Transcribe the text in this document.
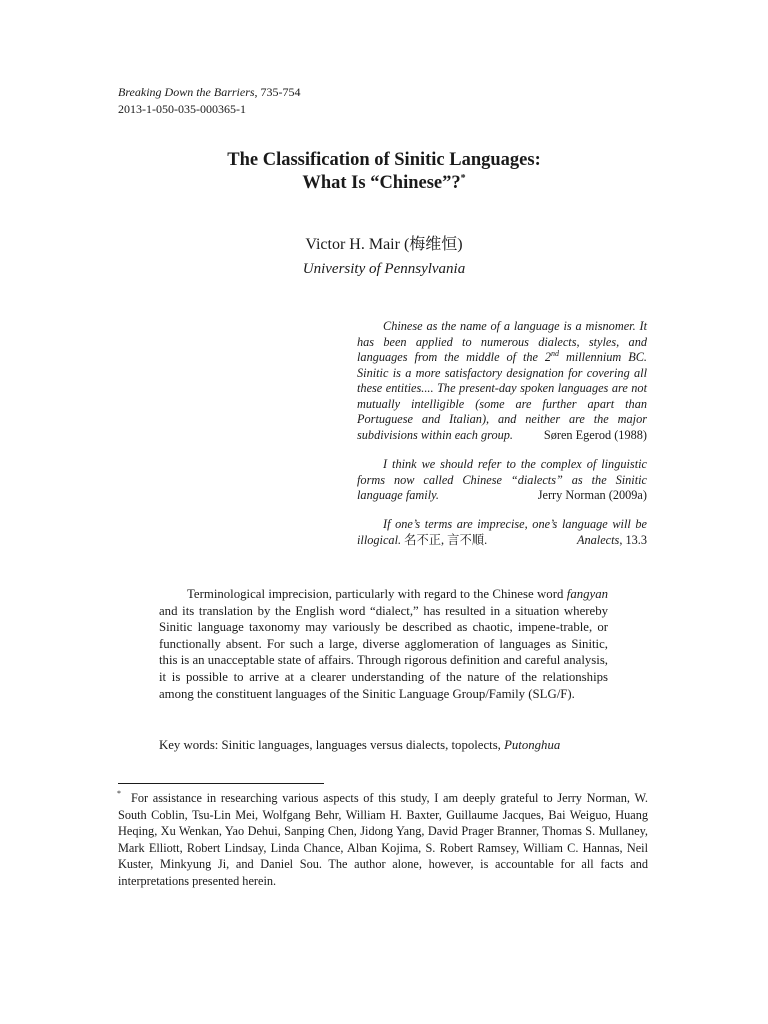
Breaking Down the Barriers, 735-754
2013-1-050-035-000365-1
The Classification of Sinitic Languages:
What Is “Chinese”?*
Victor H. Mair (梅维恒)
University of Pennsylvania
Chinese as the name of a language is a misnomer. It has been applied to numerous dialects, styles, and languages from the middle of the 2nd millennium BC. Sinitic is a more satisfactory designation for covering all these entities.... The present-day spoken languages are not mutually intelligible (some are further apart than Portuguese and Italian), and neither are the major subdivisions within each group.	Søren Egerod (1988)
I think we should refer to the complex of linguistic forms now called Chinese “dialects” as the Sinitic language family.	Jerry Norman (2009a)
If one’s terms are imprecise, one’s language will be illogical. 名不正, 言不順.	Analects, 13.3
Terminological imprecision, particularly with regard to the Chinese word fangyan and its translation by the English word “dialect,” has resulted in a situation whereby Sinitic language taxonomy may variously be described as chaotic, impene-trable, or functionally absent. For such a large, diverse agglomeration of languages as Sinitic, this is an unacceptable state of affairs. Through rigorous definition and careful analysis, it is possible to arrive at a clearer understanding of the nature of the relationships among the constituent languages of the Sinitic Language Group/Family (SLG/F).
Key words: Sinitic languages, languages versus dialects, topolects, Putonghua
* For assistance in researching various aspects of this study, I am deeply grateful to Jerry Norman, W. South Coblin, Tsu-Lin Mei, Wolfgang Behr, William H. Baxter, Guillaume Jacques, Bai Weiguo, Huang Heqing, Xu Wenkan, Yao Dehui, Sanping Chen, Jidong Yang, David Prager Branner, Thomas S. Mullaney, Mark Elliott, Robert Lindsay, Linda Chance, Alban Kojima, S. Robert Ramsey, William C. Hannas, Neil Kuster, Minkyung Ji, and Daniel Sou. The author alone, however, is accountable for all facts and interpretations presented herein.
